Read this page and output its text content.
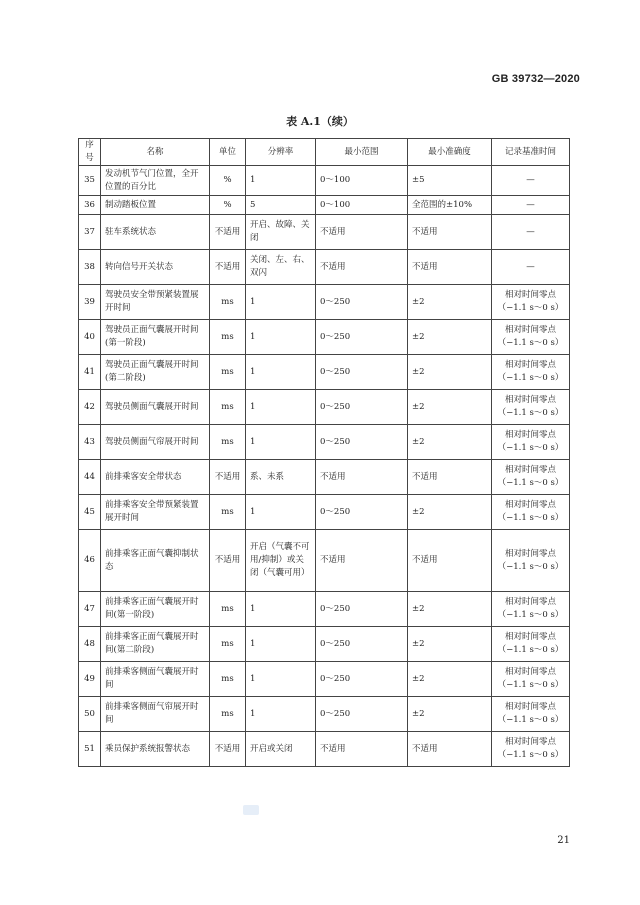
GB 39732—2020
表 A.1（续）
序号	名称	单位	分辨率	最小范围	最小准确度	记录基准时间
35	发动机节气门位置，全开位置的百分比	%	1	0～100	±5	—
36	制动踏板位置	%	5	0～100	全范围的±10%	—
37	驻车系统状态	不适用	开启、故障、关闭	不适用	不适用	—
38	转向信号开关状态	不适用	关闭、左、右、双闪	不适用	不适用	—
39	驾驶员安全带预紧装置展开时间	ms	1	0～250	±2	相对时间零点（−1.1 s～0 s）
40	驾驶员正面气囊展开时间(第一阶段)	ms	1	0～250	±2	相对时间零点（−1.1 s～0 s）
41	驾驶员正面气囊展开时间(第二阶段)	ms	1	0～250	±2	相对时间零点（−1.1 s～0 s）
42	驾驶员侧面气囊展开时间	ms	1	0～250	±2	相对时间零点（−1.1 s～0 s）
43	驾驶员侧面气帘展开时间	ms	1	0～250	±2	相对时间零点（−1.1 s～0 s）
44	前排乘客安全带状态	不适用	系、未系	不适用	不适用	相对时间零点（−1.1 s～0 s）
45	前排乘客安全带预紧装置展开时间	ms	1	0～250	±2	相对时间零点（−1.1 s～0 s）
46	前排乘客正面气囊抑制状态	不适用	开启（气囊不可用/抑制）或关闭（气囊可用）	不适用	不适用	相对时间零点（−1.1 s～0 s）
47	前排乘客正面气囊展开时间(第一阶段)	ms	1	0～250	±2	相对时间零点（−1.1 s～0 s）
48	前排乘客正面气囊展开时间(第二阶段)	ms	1	0～250	±2	相对时间零点（−1.1 s～0 s）
49	前排乘客侧面气囊展开时间	ms	1	0～250	±2	相对时间零点（−1.1 s～0 s）
50	前排乘客侧面气帘展开时间	ms	1	0～250	±2	相对时间零点（−1.1 s～0 s）
51	乘员保护系统报警状态	不适用	开启或关闭	不适用	不适用	相对时间零点（−1.1 s～0 s）
21
